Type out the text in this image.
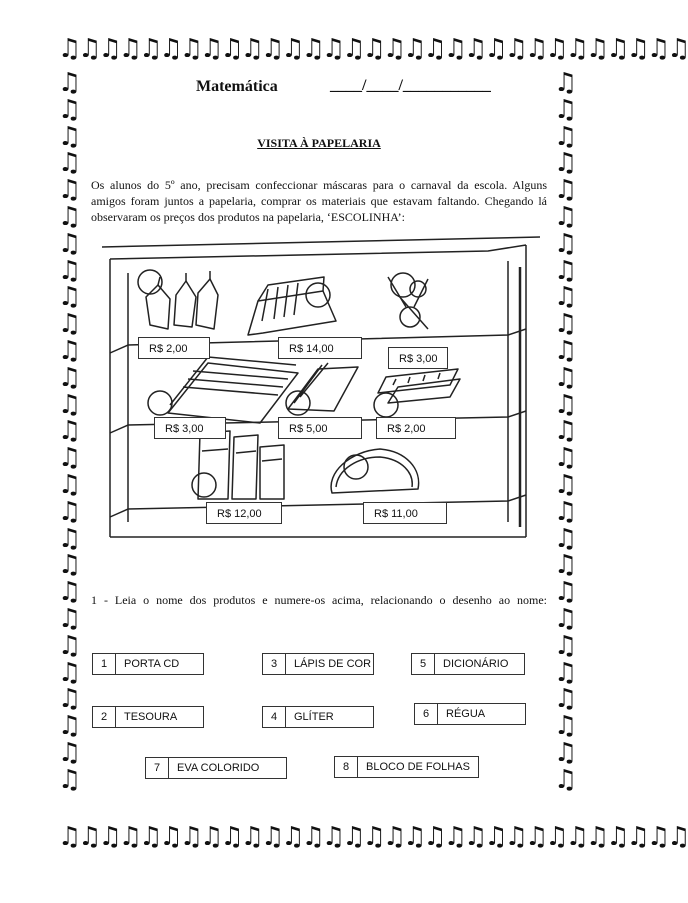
♫♫♫♫♫♫♫♫♫♫♫♫♫♫♫♫♫♫♫♫♫♫♫♫♫♫♫♫♫♫♫
♫♫♫♫♫♫♫♫♫♫♫♫♫♫♫♫♫♫♫♫♫♫♫♫♫♫♫♫♫♫♫
♫
♫
♫
♫
♫
♫
♫
♫
♫
♫
♫
♫
♫
♫
♫
♫
♫
♫
♫
♫
♫
♫
♫
♫
♫
♫
♫
♫
♫
♫
♫
♫
♫
♫
♫
♫
♫
♫
♫
♫
♫
♫
♫
♫
♫
♫
♫
♫
♫
♫
♫
♫
♫
♫
Matemática	____/____/___________
VISITA À PAPELARIA
Os alunos do 5º ano, precisam confeccionar máscaras para o carnaval da escola. Alguns amigos foram juntos a papelaria, comprar os materiais que estavam faltando. Chegando lá observaram os preços dos produtos na papelaria, ‘ESCOLINHA’:
R$ 2,00	R$ 14,00
R$ 3,00
R$ 3,00	R$ 5,00	R$ 2,00
R$ 12,00	R$ 11,00
1 - Leia o nome dos produtos e numere-os acima, relacionando o desenho ao nome:
1	PORTA CD	3	LÁPIS DE COR	5	DICIONÁRIO
2	TESOURA	4	GLÍTER	6	RÉGUA
7	EVA COLORIDO	8	BLOCO DE FOLHAS
